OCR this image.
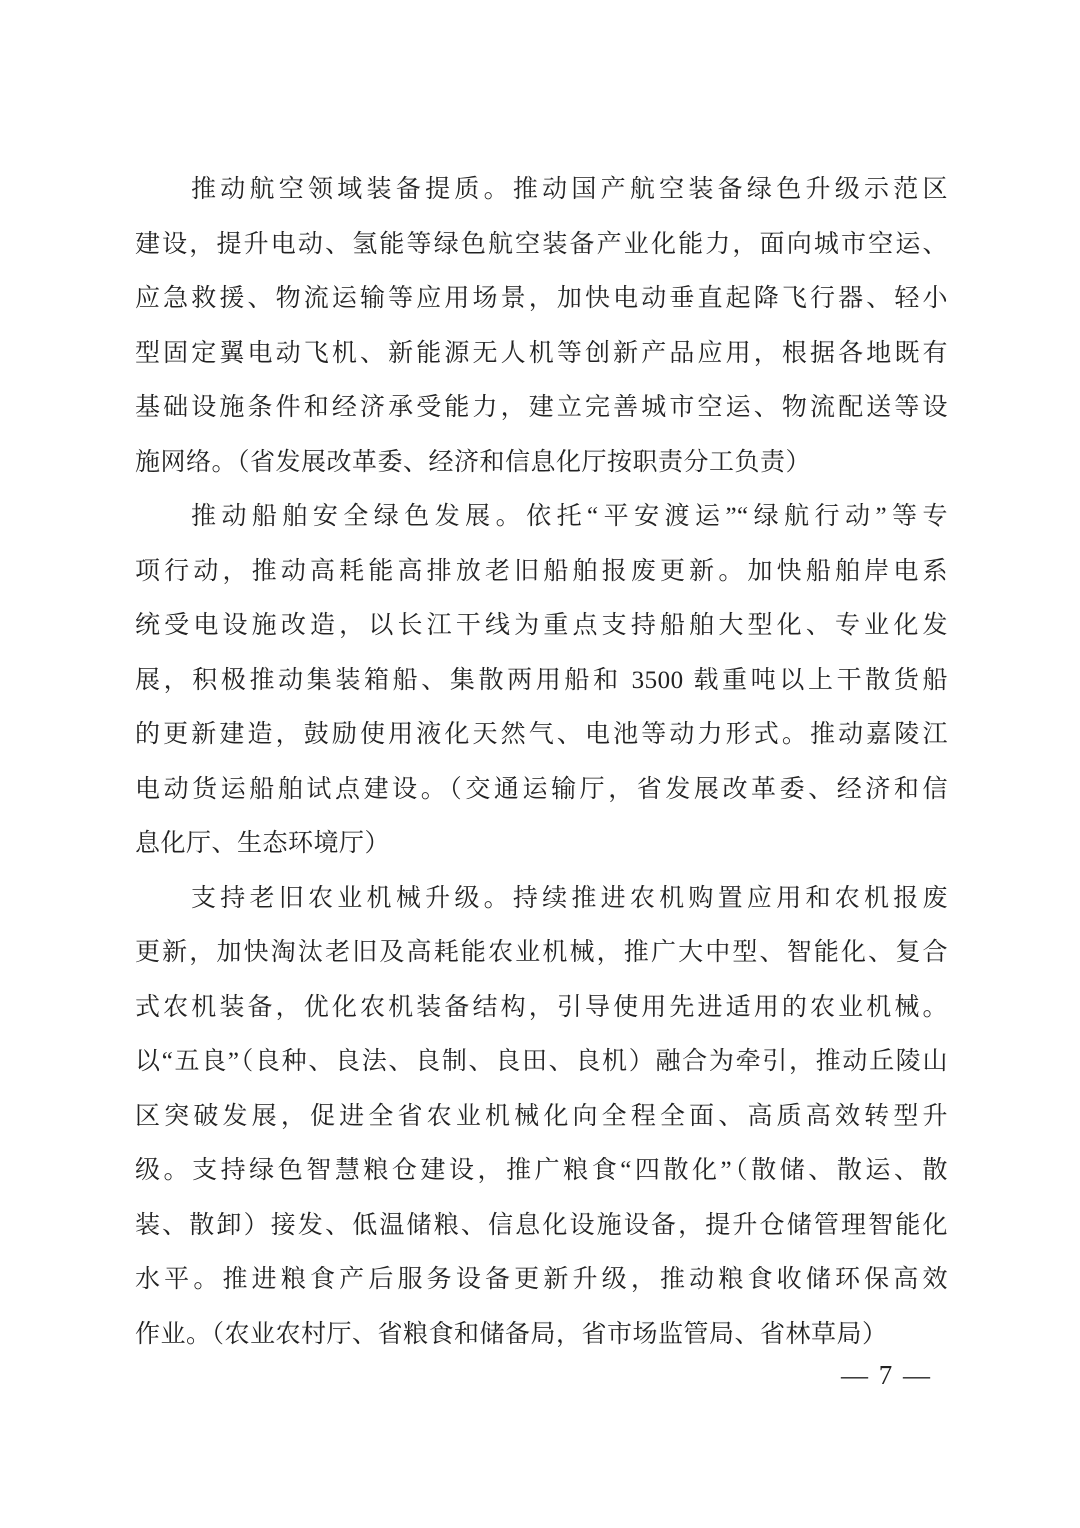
推动航空领域装备提质。推动国产航空装备绿色升级示范区
建设，提升电动、氢能等绿色航空装备产业化能力，面向城市空运、
应急救援、物流运输等应用场景，加快电动垂直起降飞行器、轻小
型固定翼电动飞机、新能源无人机等创新产品应用，根据各地既有
基础设施条件和经济承受能力，建立完善城市空运、物流配送等设
施网络。（省发展改革委、经济和信息化厅按职责分工负责）
推动船舶安全绿色发展。依托“平安渡运”“绿航行动”等专
项行动，推动高耗能高排放老旧船舶报废更新。加快船舶岸电系
统受电设施改造，以长江干线为重点支持船舶大型化、专业化发
展，积极推动集装箱船、集散两用船和 3500 载重吨以上干散货船
的更新建造，鼓励使用液化天然气、电池等动力形式。推动嘉陵江
电动货运船舶试点建设。（交通运输厅，省发展改革委、经济和信
息化厅、生态环境厅）
支持老旧农业机械升级。持续推进农机购置应用和农机报废
更新，加快淘汰老旧及高耗能农业机械，推广大中型、智能化、复合
式农机装备，优化农机装备结构，引导使用先进适用的农业机械。
以“五良”（良种、良法、良制、良田、良机）融合为牵引，推动丘陵山
区突破发展，促进全省农业机械化向全程全面、高质高效转型升
级。支持绿色智慧粮仓建设，推广粮食“四散化”（散储、散运、散
装、散卸）接发、低温储粮、信息化设施设备，提升仓储管理智能化
水平。推进粮食产后服务设备更新升级，推动粮食收储环保高效
作业。（农业农村厅、省粮食和储备局，省市场监管局、省林草局）
— 7 —
